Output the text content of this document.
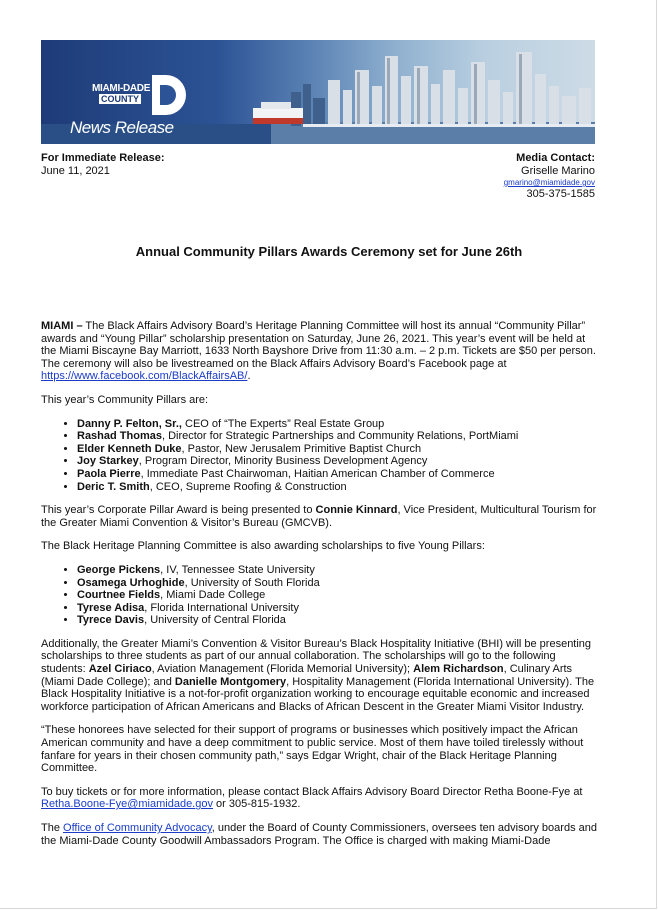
MIAMI-DADE
COUNTY
News Release
For Immediate Release:
June 11, 2021
Media Contact:
Griselle Marino
gmarino@miamidade.gov
305-375-1585
Annual Community Pillars Awards Ceremony set for June 26th

MIAMI – The Black Affairs Advisory Board’s Heritage Planning Committee will host its annual “Community Pillar” awards and “Young Pillar” scholarship presentation on Saturday, June 26, 2021. This year’s event will be held at the Miami Biscayne Bay Marriott, 1633 North Bayshore Drive from 11:30 a.m. – 2 p.m. Tickets are $50 per person. The ceremony will also be livestreamed on the Black Affairs Advisory Board’s Facebook page at https://www.facebook.com/BlackAffairsAB/.

This year’s Community Pillars are:

• Danny P. Felton, Sr., CEO of “The Experts” Real Estate Group
• Rashad Thomas, Director for Strategic Partnerships and Community Relations, PortMiami
• Elder Kenneth Duke, Pastor, New Jerusalem Primitive Baptist Church
• Joy Starkey, Program Director, Minority Business Development Agency
• Paola Pierre, Immediate Past Chairwoman, Haitian American Chamber of Commerce
• Deric T. Smith, CEO, Supreme Roofing & Construction

This year’s Corporate Pillar Award is being presented to Connie Kinnard, Vice President, Multicultural Tourism for the Greater Miami Convention & Visitor’s Bureau (GMCVB).

The Black Heritage Planning Committee is also awarding scholarships to five Young Pillars:

• George Pickens, IV, Tennessee State University
• Osamega Urhoghide, University of South Florida
• Courtnee Fields, Miami Dade College
• Tyrese Adisa, Florida International University
• Tyrece Davis, University of Central Florida

Additionally, the Greater Miami’s Convention & Visitor Bureau’s Black Hospitality Initiative (BHI) will be presenting scholarships to three students as part of our annual collaboration. The scholarships will go to the following students: Azel Ciriaco, Aviation Management (Florida Memorial University); Alem Richardson, Culinary Arts (Miami Dade College); and Danielle Montgomery, Hospitality Management (Florida International University). The Black Hospitality Initiative is a not-for-profit organization working to encourage equitable economic and increased workforce participation of African Americans and Blacks of African Descent in the Greater Miami Visitor Industry.

“These honorees have selected for their support of programs or businesses which positively impact the African American community and have a deep commitment to public service. Most of them have toiled tirelessly without fanfare for years in their chosen community path,” says Edgar Wright, chair of the Black Heritage Planning Committee.

To buy tickets or for more information, please contact Black Affairs Advisory Board Director Retha Boone-Fye at Retha.Boone-Fye@miamidade.gov or 305-815-1932.

The Office of Community Advocacy, under the Board of County Commissioners, oversees ten advisory boards and the Miami-Dade County Goodwill Ambassadors Program. The Office is charged with making Miami-Dade
